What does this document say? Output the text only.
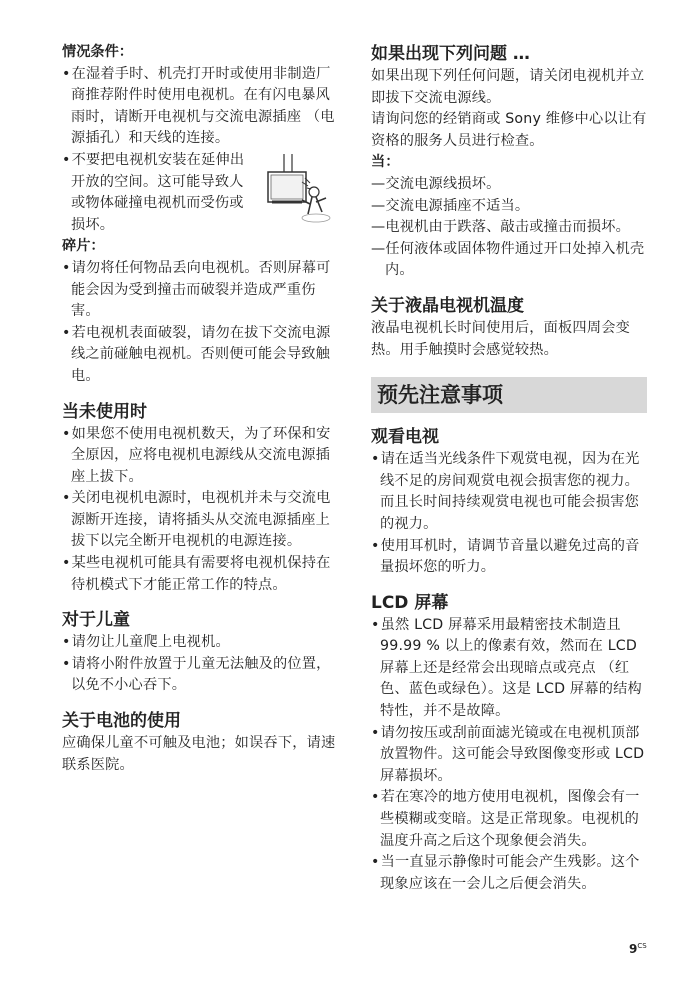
情况条件：

• 在湿着手时、机壳打开时或使用非制造厂商推荐附件时使用电视机。在有闪电暴风雨时，请断开电视机与交流电源插座 （电源插孔）和天线的连接。
• 不要把电视机安装在延伸出开放的空间。这可能导致人或物体碰撞电视机而受伤或损坏。

碎片：

• 请勿将任何物品丢向电视机。否则屏幕可能会因为受到撞击而破裂并造成严重伤害。
• 若电视机表面破裂，请勿在拔下交流电源线之前碰触电视机。否则便可能会导致触电。
当未使用时
• 如果您不使用电视机数天，为了环保和安全原因，应将电视机电源线从交流电源插座上拔下。
• 关闭电视机电源时，电视机并未与交流电源断开连接，请将插头从交流电源插座上拔下以完全断开电视机的电源连接。
• 某些电视机可能具有需要将电视机保持在待机模式下才能正常工作的特点。
对于儿童
• 请勿让儿童爬上电视机。
• 请将小附件放置于儿童无法触及的位置，以免不小心吞下。
关于电池的使用

应确保儿童不可触及电池；如误吞下，请速联系医院。

如果出现下列问题 …

如果出现下列任何问题，请关闭电视机并立即拔下交流电源线。

请询问您的经销商或 Sony 维修中心以让有资格的服务人员进行检查。

当：

—交流电源线损坏。
—交流电源插座不适当。
—电视机由于跌落、敲击或撞击而损坏。
—任何液体或固体物件通过开口处掉入机壳内。
关于液晶电视机温度

液晶电视机长时间使用后，面板四周会变热。用手触摸时会感觉较热。

预先注意事项
观看电视
• 请在适当光线条件下观赏电视，因为在光线不足的房间观赏电视会损害您的视力。而且长时间持续观赏电视也可能会损害您的视力。
• 使用耳机时，请调节音量以避免过高的音量损坏您的听力。
LCD 屏幕
• 虽然 LCD 屏幕采用最精密技术制造且 99.99 % 以上的像素有效，然而在 LCD 屏幕上还是经常会出现暗点或亮点 （红色、蓝色或绿色）。这是 LCD 屏幕的结构特性，并不是故障。
• 请勿按压或刮前面滤光镜或在电视机顶部放置物件。这可能会导致图像变形或 LCD 屏幕损坏。
• 若在寒冷的地方使用电视机，图像会有一些模糊或变暗。这是正常现象。电视机的温度升高之后这个现象便会消失。
• 当一直显示静像时可能会产生残影。这个现象应该在一会儿之后便会消失。
$9^{CS}$
